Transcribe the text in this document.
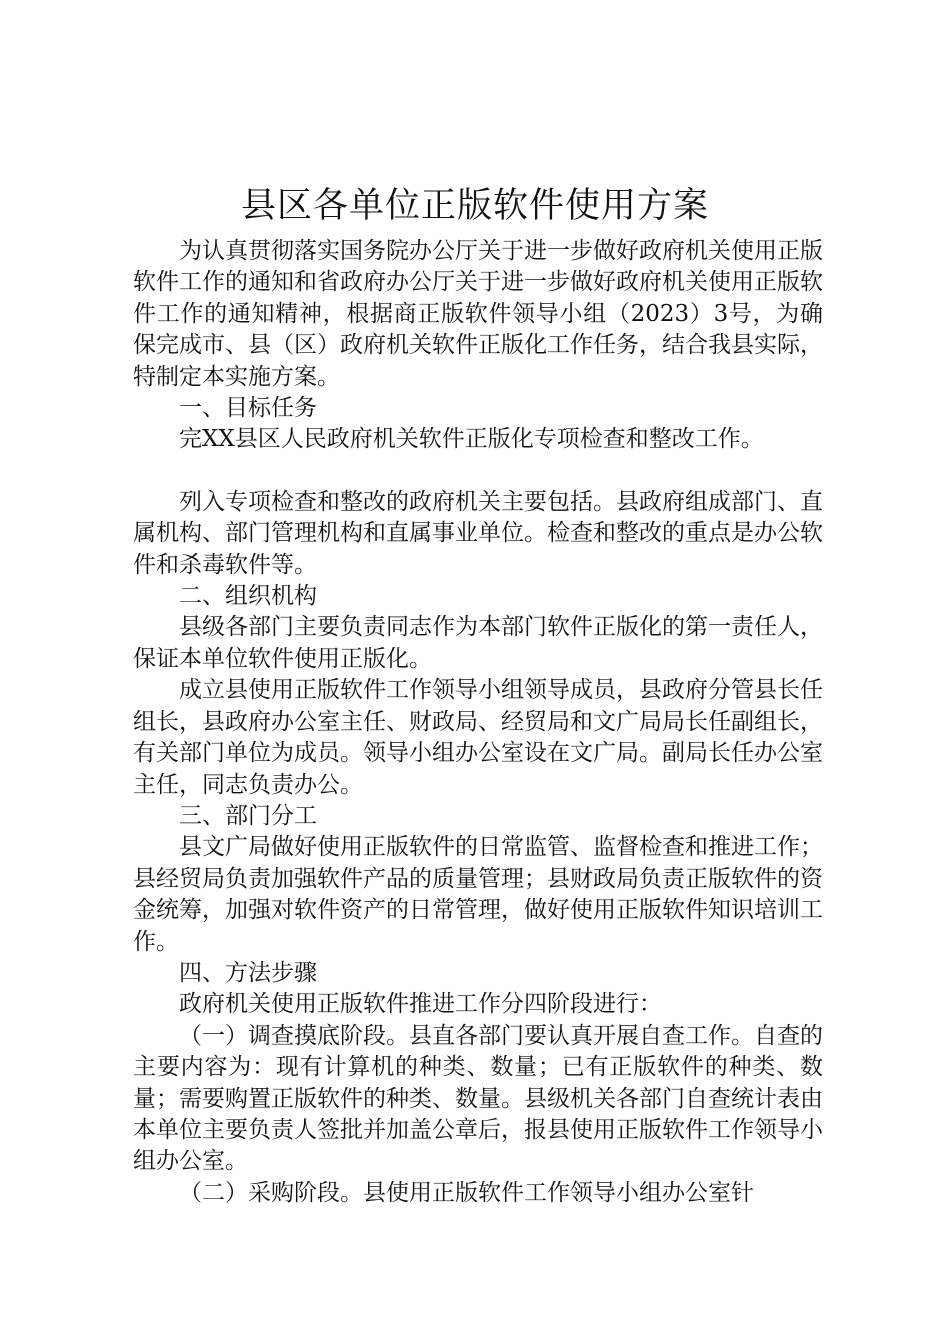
县区各单位正版软件使用方案

为认真贯彻落实国务院办公厅关于进一步做好政府机关使用正版软件工作的通知和省政府办公厅关于进一步做好政府机关使用正版软件工作的通知精神，根据商正版软件领导小组（2023）3号，为确保完成市、县（区）政府机关软件正版化工作任务，结合我县实际，特制定本实施方案。

一、目标任务

完XX县区人民政府机关软件正版化专项检查和整改工作。

列入专项检查和整改的政府机关主要包括。县政府组成部门、直属机构、部门管理机构和直属事业单位。检查和整改的重点是办公软件和杀毒软件等。

二、组织机构

县级各部门主要负责同志作为本部门软件正版化的第一责任人，保证本单位软件使用正版化。

成立县使用正版软件工作领导小组领导成员，县政府分管县长任组长，县政府办公室主任、财政局、经贸局和文广局局长任副组长，有关部门单位为成员。领导小组办公室设在文广局。副局长任办公室主任，同志负责办公。

三、部门分工

县文广局做好使用正版软件的日常监管、监督检查和推进工作；县经贸局负责加强软件产品的质量管理；县财政局负责正版软件的资金统筹，加强对软件资产的日常管理，做好使用正版软件知识培训工作。

四、方法步骤

政府机关使用正版软件推进工作分四阶段进行：

（一）调查摸底阶段。县直各部门要认真开展自查工作。自查的主要内容为：现有计算机的种类、数量；已有正版软件的种类、数量；需要购置正版软件的种类、数量。县级机关各部门自查统计表由本单位主要负责人签批并加盖公章后，报县使用正版软件工作领导小组办公室。

（二）采购阶段。县使用正版软件工作领导小组办公室针
